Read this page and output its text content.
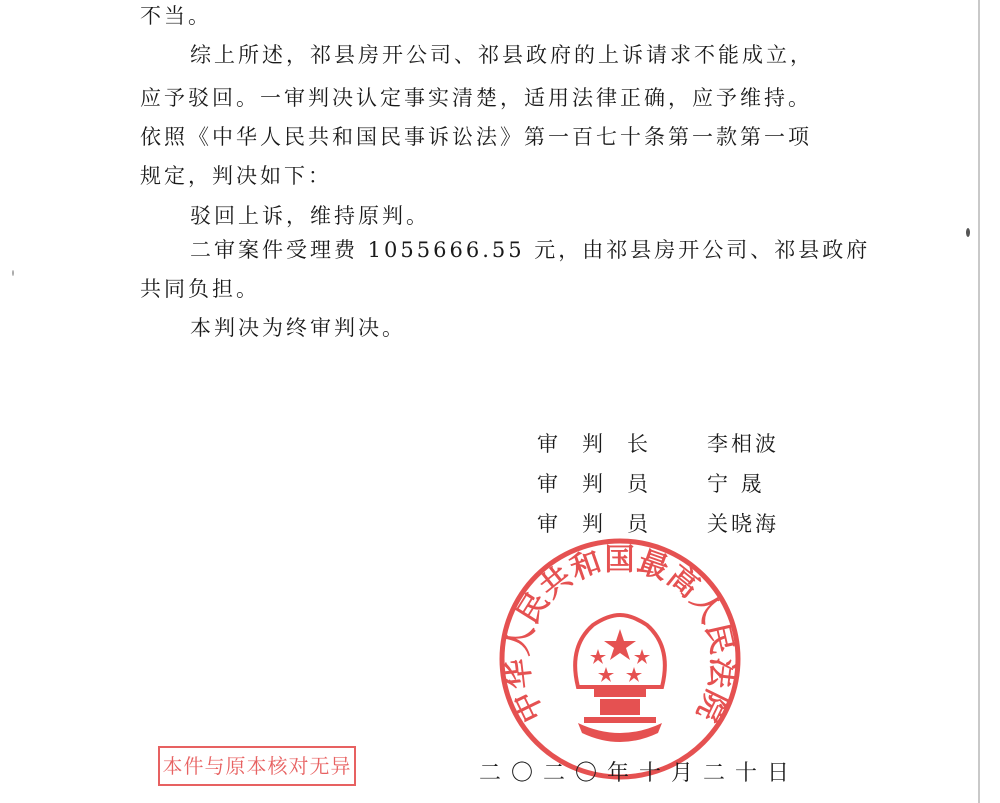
不当。
综上所述，祁县房开公司、祁县政府的上诉请求不能成立，
应予驳回。一审判决认定事实清楚，适用法律正确，应予维持。
依照《中华人民共和国民事诉讼法》第一百七十条第一款第一项
规定，判决如下：
驳回上诉，维持原判。
二审案件受理费 1055666.55 元，由祁县房开公司、祁县政府
共同负担。
本判决为终审判决。
审判长 李相波
审判员 宁 晟
审判员 关晓海
中华人民共和国最高人民法院
二〇二〇年十月二十日
本件与原本核对无异
